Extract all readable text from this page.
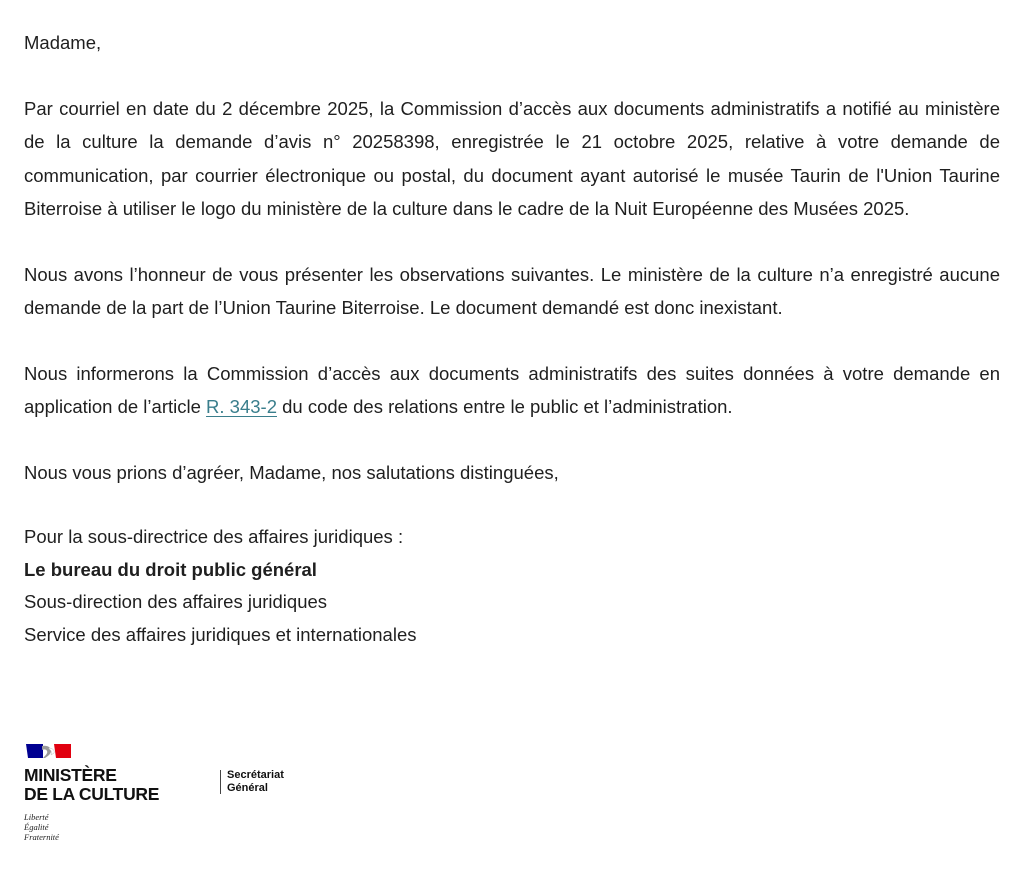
Madame,

Par courriel en date du 2 décembre 2025, la Commission d’accès aux documents administratifs a notifié au ministère de la culture la demande d’avis n° 20258398, enregistrée le 21 octobre 2025, relative à votre demande de communication, par courrier électronique ou postal, du document ayant autorisé le musée Taurin de l'Union Taurine Biterroise à utiliser le logo du ministère de la culture dans le cadre de la Nuit Européenne des Musées 2025.

Nous avons l’honneur de vous présenter les observations suivantes. Le ministère de la culture n’a enregistré aucune demande de la part de l’Union Taurine Biterroise. Le document demandé est donc inexistant.

Nous informerons la Commission d’accès aux documents administratifs des suites données à votre demande en application de l’article R. 343-2 du code des relations entre le public et l’administration.

Nous vous prions d’agréer, Madame, nos salutations distinguées,

Pour la sous-directrice des affaires juridiques :
Le bureau du droit public général
Sous-direction des affaires juridiques
Service des affaires juridiques et internationales
MINISTÈRE
DE LA CULTURE
Liberté
Égalité
Fraternité
Secrétariat
Général
